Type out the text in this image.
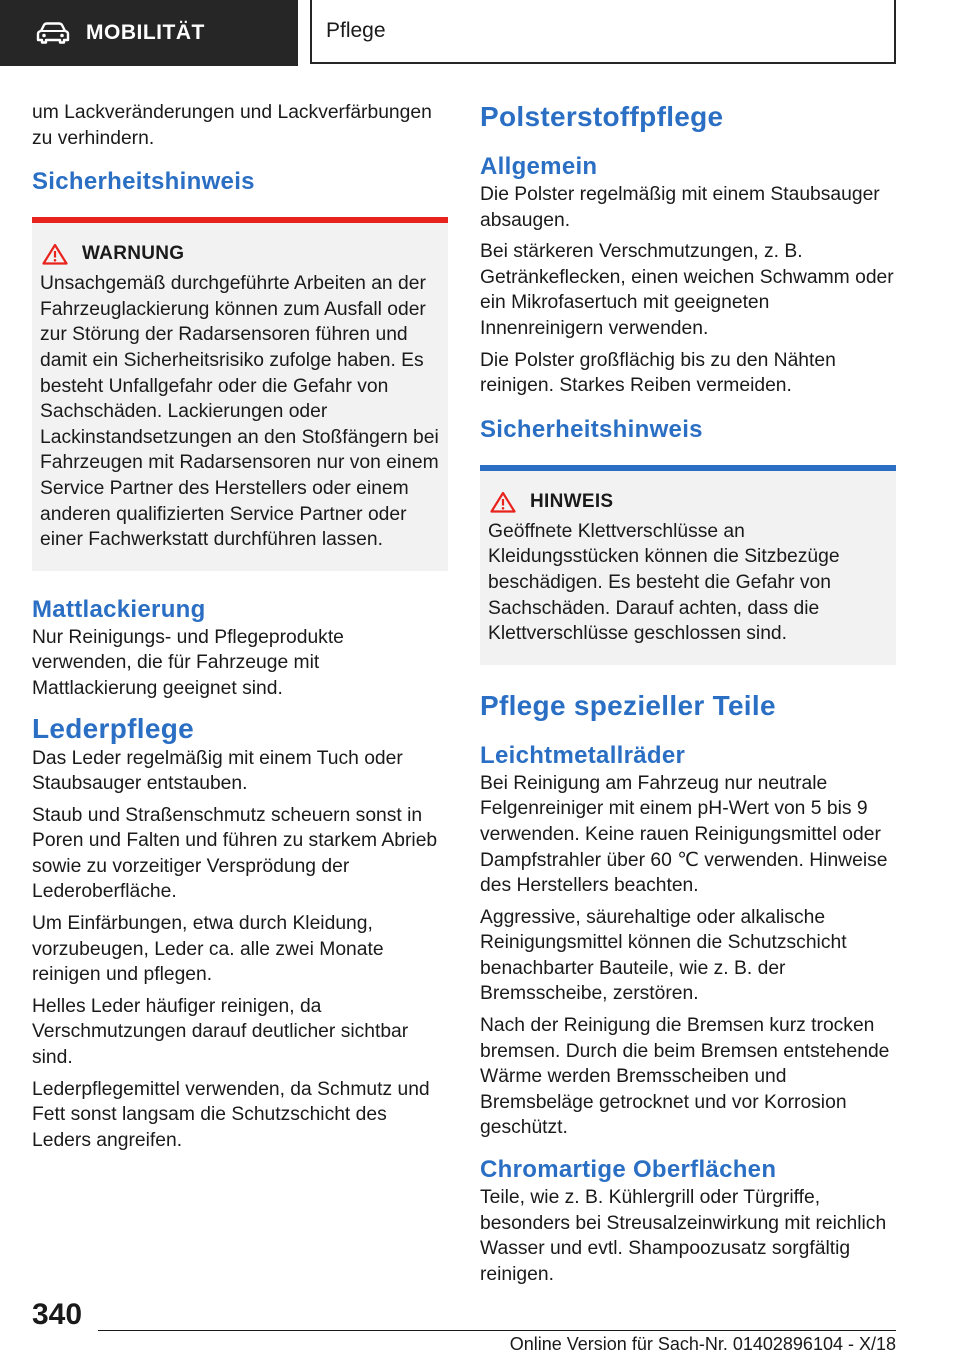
MOBILITÄT	Pflege

um Lackveränderungen und Lackverfärbungen zu verhindern.

Sicherheitshinweis
WARNUNG

Unsachgemäß durchgeführte Arbeiten an der Fahrzeuglackierung können zum Ausfall oder zur Störung der Radarsensoren führen und damit ein Sicherheitsrisiko zufolge haben. Es besteht Unfallgefahr oder die Gefahr von Sachschäden. Lackierungen oder Lackinstandsetzungen an den Stoßfängern bei Fahrzeugen mit Radarsensoren nur von einem Service Partner des Herstellers oder einem anderen qualifizierten Service Partner oder einer Fachwerkstatt durchführen lassen.

Mattlackierung

Nur Reinigungs- und Pflegeprodukte verwenden, die für Fahrzeuge mit Mattlackierung geeignet sind.

Lederpflege

Das Leder regelmäßig mit einem Tuch oder Staubsauger entstauben.

Staub und Straßenschmutz scheuern sonst in Poren und Falten und führen zu starkem Abrieb sowie zu vorzeitiger Versprödung der Lederoberfläche.

Um Einfärbungen, etwa durch Kleidung, vorzubeugen, Leder ca. alle zwei Monate reinigen und pflegen.

Helles Leder häufiger reinigen, da Verschmutzungen darauf deutlicher sichtbar sind.

Lederpflegemittel verwenden, da Schmutz und Fett sonst langsam die Schutzschicht des Leders angreifen.

Polsterstoffpflege
Allgemein

Die Polster regelmäßig mit einem Staubsauger absaugen.

Bei stärkeren Verschmutzungen, z. B. Getränkeflecken, einen weichen Schwamm oder ein Mikrofasertuch mit geeigneten Innenreinigern verwenden.

Die Polster großflächig bis zu den Nähten reinigen. Starkes Reiben vermeiden.

Sicherheitshinweis
HINWEIS

Geöffnete Klettverschlüsse an Kleidungsstücken können die Sitzbezüge beschädigen. Es besteht die Gefahr von Sachschäden. Darauf achten, dass die Klettverschlüsse geschlossen sind.

Pflege spezieller Teile
Leichtmetallräder

Bei Reinigung am Fahrzeug nur neutrale Felgenreiniger mit einem pH-Wert von 5 bis 9 verwenden. Keine rauen Reinigungsmittel oder Dampfstrahler über 60 ℃ verwenden. Hinweise des Herstellers beachten.

Aggressive, säurehaltige oder alkalische Reinigungsmittel können die Schutzschicht benachbarter Bauteile, wie z. B. der Bremsscheibe, zerstören.

Nach der Reinigung die Bremsen kurz trocken bremsen. Durch die beim Bremsen entstehende Wärme werden Bremsscheiben und Bremsbeläge getrocknet und vor Korrosion geschützt.

Chromartige Oberflächen

Teile, wie z. B. Kühlergrill oder Türgriffe, besonders bei Streusalzeinwirkung mit reichlich Wasser und evtl. Shampoozusatz sorgfältig reinigen.

340
Online Version für Sach-Nr. 01402896104 - X/18
